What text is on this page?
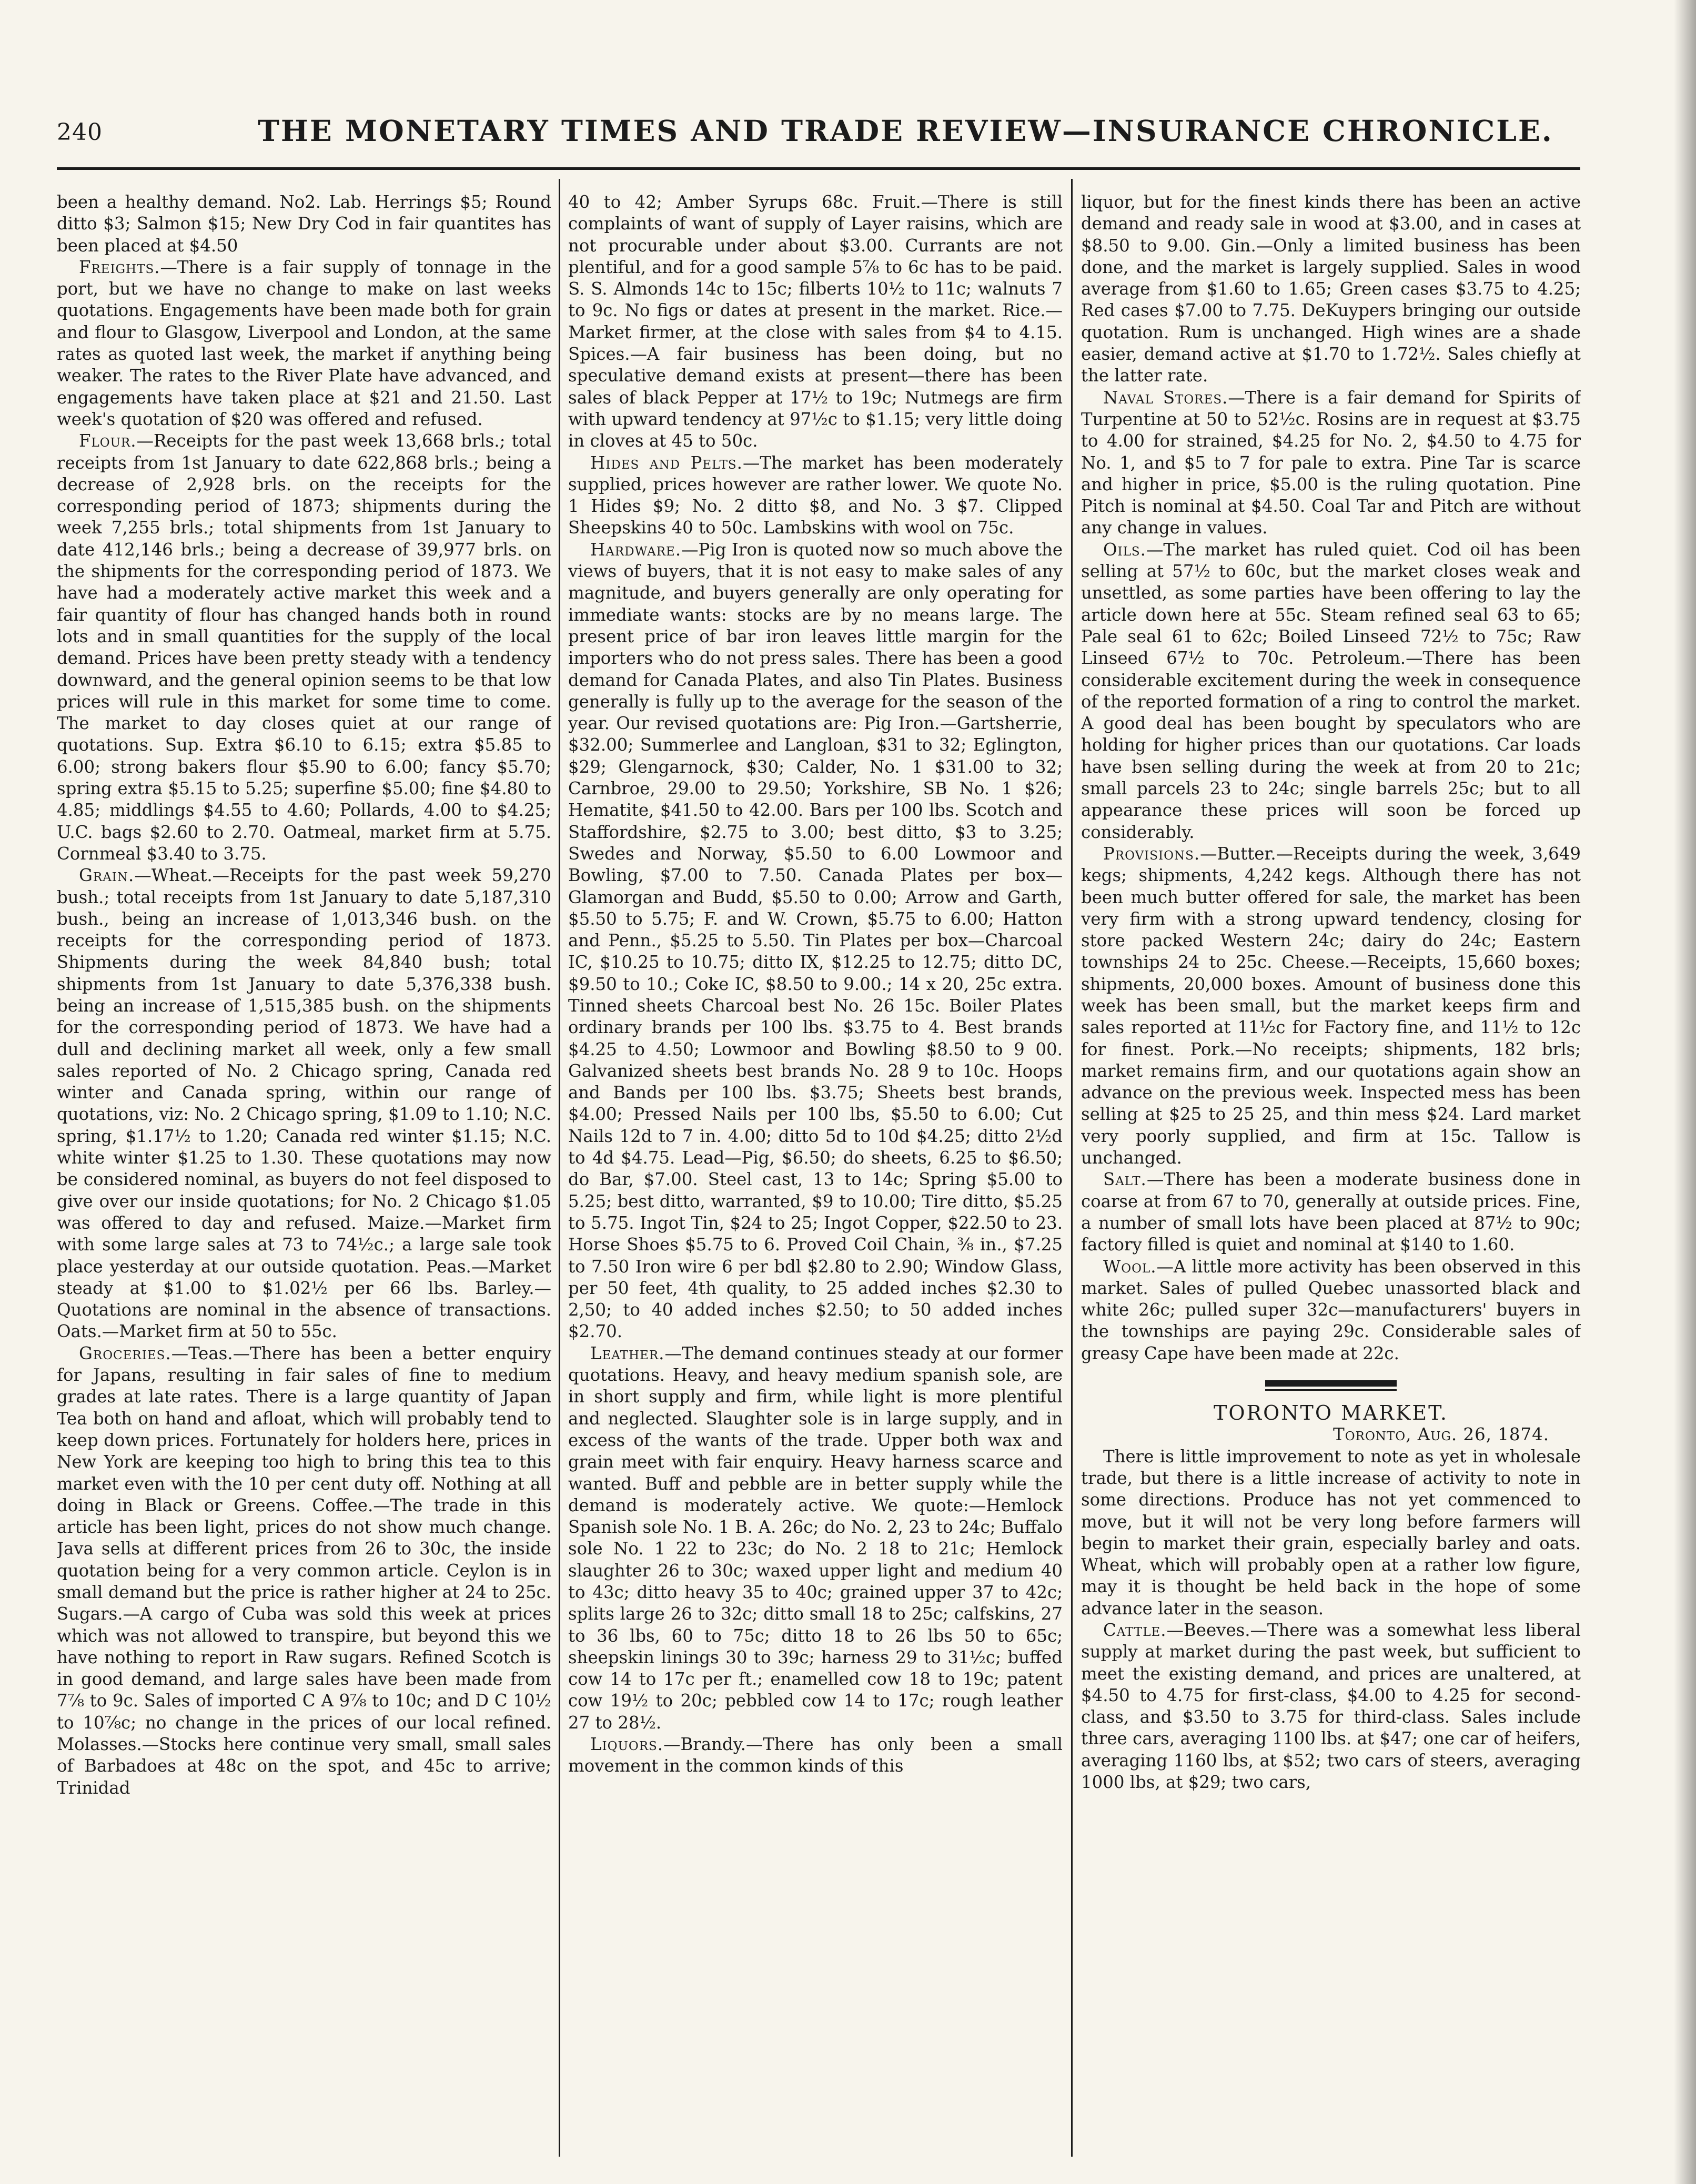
240	THE MONETARY TIMES AND TRADE REVIEW—INSURANCE CHRONICLE.

been a healthy demand. No2. Lab. Herrings $5; Round ditto $3; Salmon $15; New Dry Cod in fair quantites has been placed at $4.50

Freights.—There is a fair supply of tonnage in the port, but we have no change to make on last weeks quotations. Engagements have been made both for grain and flour to Glasgow, Liverpool and London, at the same rates as quoted last week, the market if anything being weaker. The rates to the River Plate have advanced, and engagements have taken place at $21 and 21.50. Last week's quotation of $20 was offered and refused.

Flour.—Receipts for the past week 13,668 brls.; total receipts from 1st January to date 622,868 brls.; being a decrease of 2,928 brls. on the receipts for the corresponding period of 1873; shipments during the week 7,255 brls.; total shipments from 1st January to date 412,146 brls.; being a decrease of 39,977 brls. on the shipments for the corresponding period of 1873. We have had a moderately active market this week and a fair quantity of flour has changed hands both in round lots and in small quantities for the supply of the local demand. Prices have been pretty steady with a tendency downward, and the general opinion seems to be that low prices will rule in this market for some time to come. The market to day closes quiet at our range of quotations. Sup. Extra $6.10 to 6.15; extra $5.85 to 6.00; strong bakers flour $5.90 to 6.00; fancy $5.70; spring extra $5.15 to 5.25; superfine $5.00; fine $4.80 to 4.85; middlings $4.55 to 4.60; Pollards, 4.00 to $4.25; U.C. bags $2.60 to 2.70. Oatmeal, market firm at 5.75. Cornmeal $3.40 to 3.75.

Grain.—Wheat.—Receipts for the past week 59,270 bush.; total receipts from 1st January to date 5,187,310 bush., being an increase of 1,013,346 bush. on the receipts for the corresponding period of 1873. Shipments during the week 84,840 bush; total shipments from 1st January to date 5,376,338 bush. being an increase of 1,515,385 bush. on the shipments for the corresponding period of 1873. We have had a dull and declining market all week, only a few small sales reported of No. 2 Chicago spring, Canada red winter and Canada spring, within our range of quotations, viz: No. 2 Chicago spring, $1.09 to 1.10; N.C. spring, $1.17½ to 1.20; Canada red winter $1.15; N.C. white winter $1.25 to 1.30. These quotations may now be considered nominal, as buyers do not feel disposed to give over our inside quotations; for No. 2 Chicago $1.05 was offered to day and refused. Maize.—Market firm with some large sales at 73 to 74½c.; a large sale took place yesterday at our outside quotation. Peas.—Market steady at $1.00 to $1.02½ per 66 lbs. Barley.—Quotations are nominal in the absence of transactions. Oats.—Market firm at 50 to 55c.

Groceries.—Teas.—There has been a better enquiry for Japans, resulting in fair sales of fine to medium grades at late rates. There is a large quantity of Japan Tea both on hand and afloat, which will probably tend to keep down prices. Fortunately for holders here, prices in New York are keeping too high to bring this tea to this market even with the 10 per cent duty off. Nothing at all doing in Black or Greens. Coffee.—The trade in this article has been light, prices do not show much change. Java sells at different prices from 26 to 30c, the inside quotation being for a very common article. Ceylon is in small demand but the price is rather higher at 24 to 25c. Sugars.—A cargo of Cuba was sold this week at prices which was not allowed to transpire, but beyond this we have nothing to report in Raw sugars. Refined Scotch is in good demand, and large sales have been made from 7⅞ to 9c. Sales of imported C A 9⅞ to 10c; and D C 10½ to 10⅞c; no change in the prices of our local refined. Molasses.—Stocks here continue very small, small sales of Barbadoes at 48c on the spot, and 45c to arrive; Trinidad

40 to 42; Amber Syrups 68c. Fruit.—There is still complaints of want of supply of Layer raisins, which are not procurable under about $3.00. Currants are not plentiful, and for a good sample 5⅞ to 6c has to be paid. S. S. Almonds 14c to 15c; filberts 10½ to 11c; walnuts 7 to 9c. No figs or dates at present in the market. Rice.—Market firmer, at the close with sales from $4 to 4.15. Spices.—A fair business has been doing, but no speculative demand exists at present—there has been sales of black Pepper at 17½ to 19c; Nutmegs are firm with upward tendency at 97½c to $1.15; very little doing in cloves at 45 to 50c.

Hides and Pelts.—The market has been moderately supplied, prices however are rather lower. We quote No. 1 Hides $9; No. 2 ditto $8, and No. 3 $7. Clipped Sheepskins 40 to 50c. Lambskins with wool on 75c.

Hardware.—Pig Iron is quoted now so much above the views of buyers, that it is not easy to make sales of any magnitude, and buyers generally are only operating for immediate wants: stocks are by no means large. The present price of bar iron leaves little margin for the importers who do not press sales. There has been a good demand for Canada Plates, and also Tin Plates. Business generally is fully up to the average for the season of the year. Our revised quotations are: Pig Iron.—Gartsherrie, $32.00; Summerlee and Langloan, $31 to 32; Eglington, $29; Glengarnock, $30; Calder, No. 1 $31.00 to 32; Carnbroe, 29.00 to 29.50; Yorkshire, SB No. 1 $26; Hematite, $41.50 to 42.00. Bars per 100 lbs. Scotch and Staffordshire, $2.75 to 3.00; best ditto, $3 to 3.25; Swedes and Norway, $5.50 to 6.00 Lowmoor and Bowling, $7.00 to 7.50. Canada Plates per box—Glamorgan and Budd, $5.50 to 0.00; Arrow and Garth, $5.50 to 5.75; F. and W. Crown, $5.75 to 6.00; Hatton and Penn., $5.25 to 5.50. Tin Plates per box—Charcoal IC, $10.25 to 10.75; ditto IX, $12.25 to 12.75; ditto DC, $9.50 to 10.; Coke IC, $8.50 to 9.00.; 14 x 20, 25c extra. Tinned sheets Charcoal best No. 26 15c. Boiler Plates ordinary brands per 100 lbs. $3.75 to 4. Best brands $4.25 to 4.50; Lowmoor and Bowling $8.50 to 9 00. Galvanized sheets best brands No. 28 9 to 10c. Hoops and Bands per 100 lbs. $3.75; Sheets best brands, $4.00; Pressed Nails per 100 lbs, $5.50 to 6.00; Cut Nails 12d to 7 in. 4.00; ditto 5d to 10d $4.25; ditto 2½d to 4d $4.75. Lead—Pig, $6.50; do sheets, 6.25 to $6.50; do Bar, $7.00. Steel cast, 13 to 14c; Spring $5.00 to 5.25; best ditto, warranted, $9 to 10.00; Tire ditto, $5.25 to 5.75. Ingot Tin, $24 to 25; Ingot Copper, $22.50 to 23. Horse Shoes $5.75 to 6. Proved Coil Chain, ⅜ in., $7.25 to 7.50 Iron wire 6 per bdl $2.80 to 2.90; Window Glass, per 50 feet, 4th quality, to 25 added inches $2.30 to 2,50; to 40 added inches $2.50; to 50 added inches $2.70.

Leather.—The demand continues steady at our former quotations. Heavy, and heavy medium spanish sole, are in short supply and firm, while light is more plentiful and neglected. Slaughter sole is in large supply, and in excess of the wants of the trade. Upper both wax and grain meet with fair enquiry. Heavy harness scarce and wanted. Buff and pebble are in better supply while the demand is moderately active. We quote:—Hemlock Spanish sole No. 1 B. A. 26c; do No. 2, 23 to 24c; Buffalo sole No. 1 22 to 23c; do No. 2 18 to 21c; Hemlock slaughter 26 to 30c; waxed upper light and medium 40 to 43c; ditto heavy 35 to 40c; grained upper 37 to 42c; splits large 26 to 32c; ditto small 18 to 25c; calfskins, 27 to 36 lbs, 60 to 75c; ditto 18 to 26 lbs 50 to 65c; sheepskin linings 30 to 39c; harness 29 to 31½c; buffed cow 14 to 17c per ft.; enamelled cow 18 to 19c; patent cow 19½ to 20c; pebbled cow 14 to 17c; rough leather 27 to 28½.

Liquors.—Brandy.—There has only been a small movement in the common kinds of this

liquor, but for the finest kinds there has been an active demand and ready sale in wood at $3.00, and in cases at $8.50 to 9.00. Gin.—Only a limited business has been done, and the market is largely supplied. Sales in wood average from $1.60 to 1.65; Green cases $3.75 to 4.25; Red cases $7.00 to 7.75. DeKuypers bringing our outside quotation. Rum is unchanged. High wines are a shade easier, demand active at $1.70 to 1.72½. Sales chiefly at the latter rate.

Naval Stores.—There is a fair demand for Spirits of Turpentine at 50 to 52½c. Rosins are in request at $3.75 to 4.00 for strained, $4.25 for No. 2, $4.50 to 4.75 for No. 1, and $5 to 7 for pale to extra. Pine Tar is scarce and higher in price, $5.00 is the ruling quotation. Pine Pitch is nominal at $4.50. Coal Tar and Pitch are without any change in values.

Oils.—The market has ruled quiet. Cod oil has been selling at 57½ to 60c, but the market closes weak and unsettled, as some parties have been offering to lay the article down here at 55c. Steam refined seal 63 to 65; Pale seal 61 to 62c; Boiled Linseed 72½ to 75c; Raw Linseed 67½ to 70c. Petroleum.—There has been considerable excitement during the week in consequence of the reported formation of a ring to control the market. A good deal has been bought by speculators who are holding for higher prices than our quotations. Car loads have bsen selling during the week at from 20 to 21c; small parcels 23 to 24c; single barrels 25c; but to all appearance these prices will soon be forced up considerably.

Provisions.—Butter.—Receipts during the week, 3,649 kegs; shipments, 4,242 kegs. Although there has not been much butter offered for sale, the market has been very firm with a strong upward tendency, closing for store packed Western 24c; dairy do 24c; Eastern townships 24 to 25c. Cheese.—Receipts, 15,660 boxes; shipments, 20,000 boxes. Amount of business done this week has been small, but the market keeps firm and sales reported at 11½c for Factory fine, and 11½ to 12c for finest. Pork.—No receipts; shipments, 182 brls; market remains firm, and our quotations again show an advance on the previous week. Inspected mess has been selling at $25 to 25 25, and thin mess $24. Lard market very poorly supplied, and firm at 15c. Tallow is unchanged.

Salt.—There has been a moderate business done in coarse at from 67 to 70, generally at outside prices. Fine, a number of small lots have been placed at 87½ to 90c; factory filled is quiet and nominal at $140 to 1.60.

Wool.—A little more activity has been observed in this market. Sales of pulled Quebec unassorted black and white 26c; pulled super 32c—manufacturers' buyers in the townships are paying 29c. Considerable sales of greasy Cape have been made at 22c.

TORONTO MARKET.

Toronto, Aug. 26, 1874.

There is little improvement to note as yet in wholesale trade, but there is a little increase of activity to note in some directions. Produce has not yet commenced to move, but it will not be very long before farmers will begin to market their grain, especially barley and oats. Wheat, which will probably open at a rather low figure, may it is thought be held back in the hope of some advance later in the season.

Cattle.—Beeves.—There was a somewhat less liberal supply at market during the past week, but sufficient to meet the existing demand, and prices are unaltered, at $4.50 to 4.75 for first-class, $4.00 to 4.25 for second-class, and $3.50 to 3.75 for third-class. Sales include three cars, averaging 1100 lbs. at $47; one car of heifers, averaging 1160 lbs, at $52; two cars of steers, averaging 1000 lbs, at $29; two cars,
